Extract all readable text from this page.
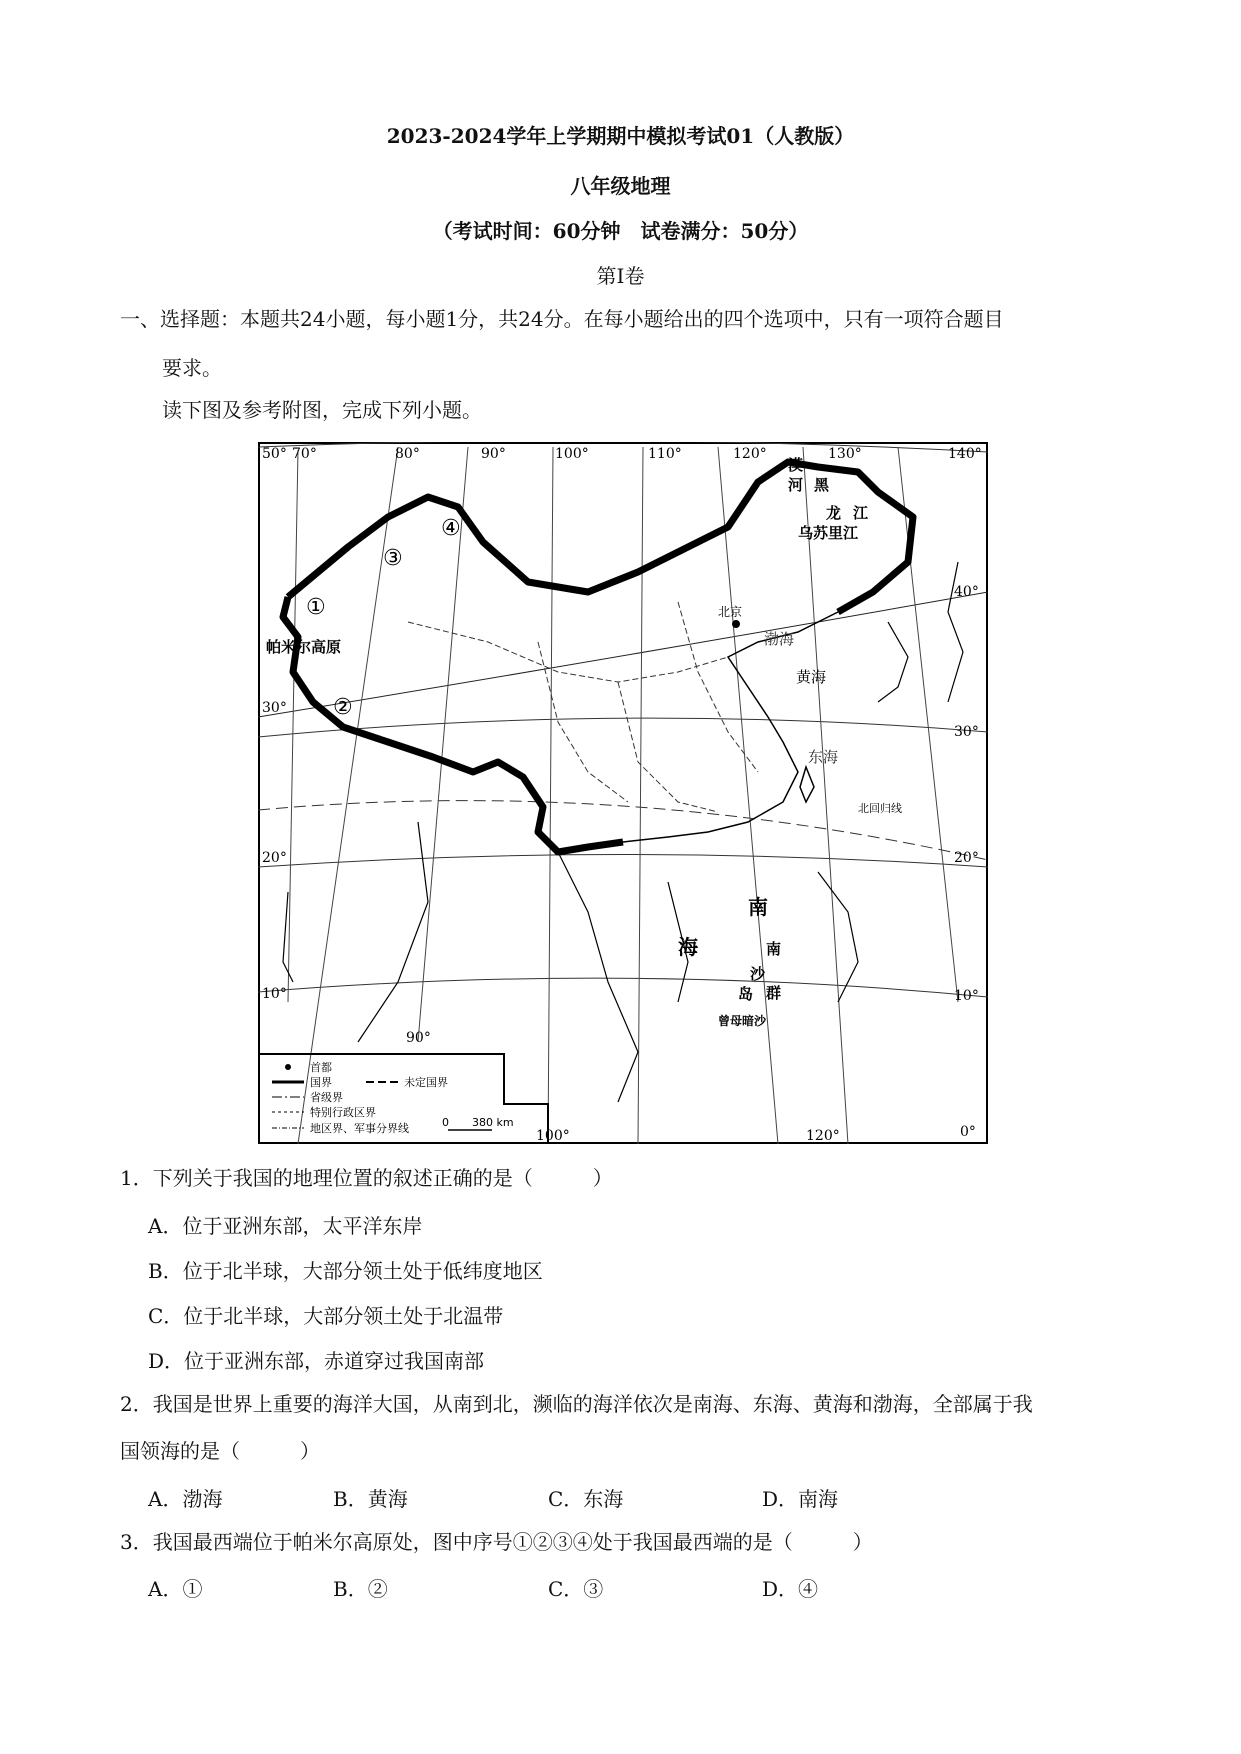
2023-2024学年上学期期中模拟考试01（人教版）
八年级地理
（考试时间：60分钟　试卷满分：50分）
第Ⅰ卷
一、选择题：本题共24小题，每小题1分，共24分。在每小题给出的四个选项中，只有一项符合题目
要求。
读下图及参考附图，完成下列小题。
50° 70°	80°	90°	100°	110°	120°	130°	140°
40°
30°
20°
10°
0°
30°
20°
10°
90°
100°	120°
①
②
③
④
帕米尔高原
漠
河 黑
龙 江
乌苏里江
北京
渤海
黄海
东海
北回归线
南
海	南
沙
群
岛
曾母暗沙
首都
国界	未定国界
省级界
特别行政区界
地区界、军事分界线	0 380 km
1．下列关于我国的地理位置的叙述正确的是（　　　）
A．位于亚洲东部，太平洋东岸
B．位于北半球，大部分领土处于低纬度地区
C．位于北半球，大部分领土处于北温带
D．位于亚洲东部，赤道穿过我国南部
2．我国是世界上重要的海洋大国，从南到北，濒临的海洋依次是南海、东海、黄海和渤海，全部属于我
国领海的是（　　　）
A．渤海	B．黄海	C．东海	D．南海
3．我国最西端位于帕米尔高原处，图中序号①②③④处于我国最西端的是（　　　）
A．①	B．②	C．③	D．④
